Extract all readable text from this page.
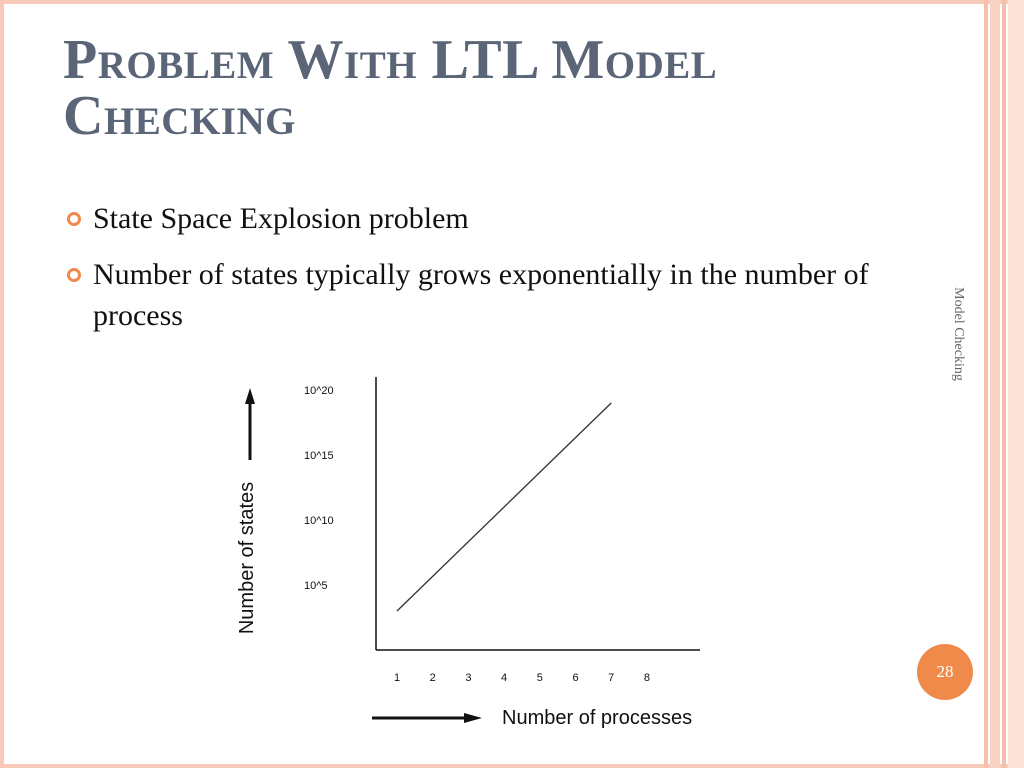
Problem With LTL Model Checking
State Space Explosion problem
Number of states typically grows exponentially in the number of process	Model Checking
28
10^5
10^10
10^15
10^20
1	2	3	4	5	6	7	8
Number of states
Number of processes
